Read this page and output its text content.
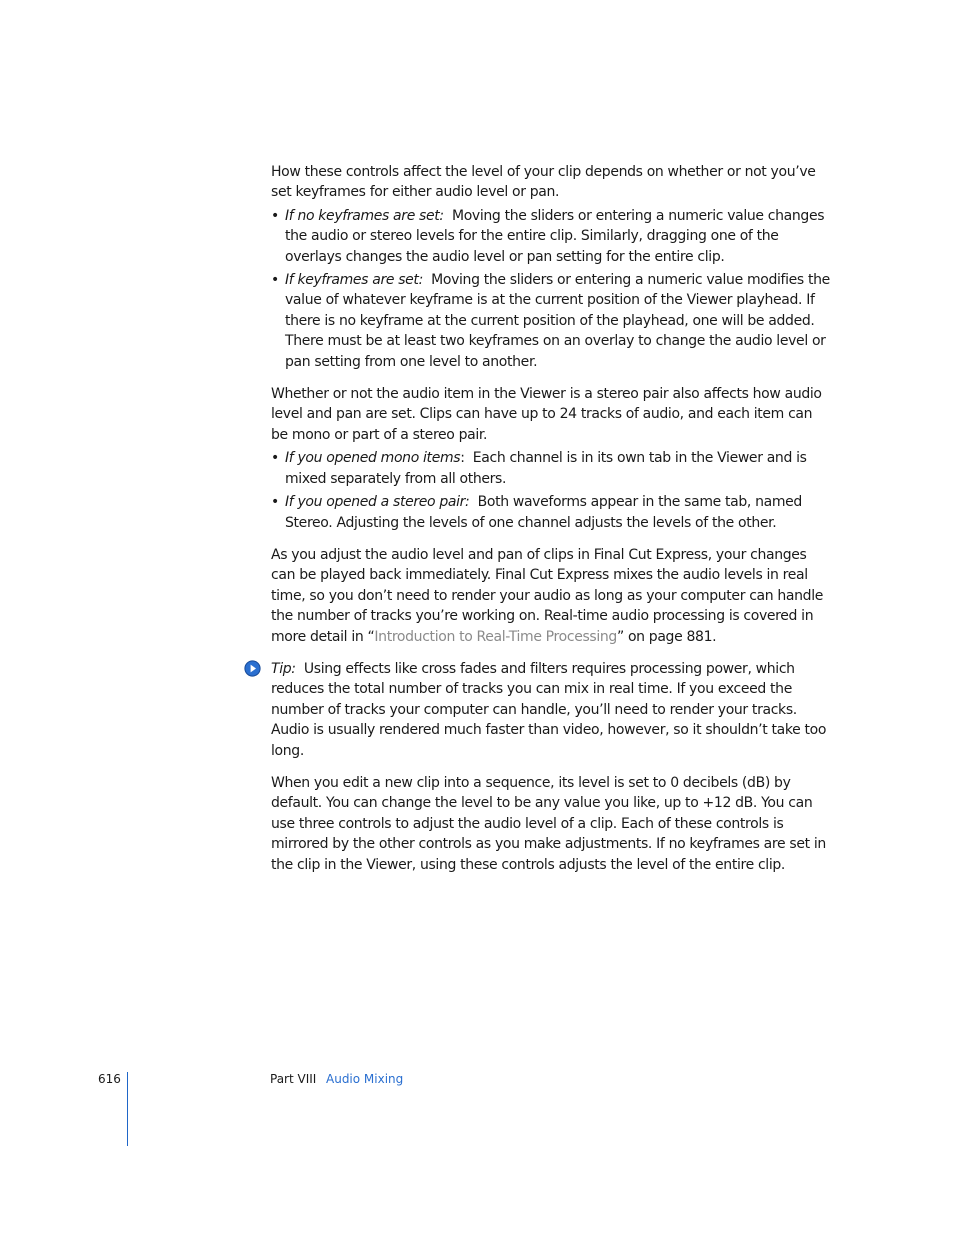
How these controls affect the level of your clip depends on whether or not you’ve set keyframes for either audio level or pan.

• If no keyframes are set: Moving the sliders or entering a numeric value changes the audio or stereo levels for the entire clip. Similarly, dragging one of the overlays changes the audio level or pan setting for the entire clip.
• If keyframes are set: Moving the sliders or entering a numeric value modifies the value of whatever keyframe is at the current position of the Viewer playhead. If there is no keyframe at the current position of the playhead, one will be added. There must be at least two keyframes on an overlay to change the audio level or pan setting from one level to another.

Whether or not the audio item in the Viewer is a stereo pair also affects how audio level and pan are set. Clips can have up to 24 tracks of audio, and each item can be mono or part of a stereo pair.

• If you opened mono items: Each channel is in its own tab in the Viewer and is mixed separately from all others.
• If you opened a stereo pair: Both waveforms appear in the same tab, named Stereo. Adjusting the levels of one channel adjusts the levels of the other.

As you adjust the audio level and pan of clips in Final Cut Express, your changes can be played back immediately. Final Cut Express mixes the audio levels in real time, so you don’t need to render your audio as long as your computer can handle the number of tracks you’re working on. Real-time audio processing is covered in more detail in “Introduction to Real-Time Processing” on page 881.

Tip: Using effects like cross fades and filters requires processing power, which reduces the total number of tracks you can mix in real time. If you exceed the number of tracks your computer can handle, you’ll need to render your tracks. Audio is usually rendered much faster than video, however, so it shouldn’t take too long.

When you edit a new clip into a sequence, its level is set to 0 decibels (dB) by default. You can change the level to be any value you like, up to +12 dB. You can use three controls to adjust the audio level of a clip. Each of these controls is mirrored by the other controls as you make adjustments. If no keyframes are set in the clip in the Viewer, using these controls adjusts the level of the entire clip.

616	Part VIII Audio Mixing
